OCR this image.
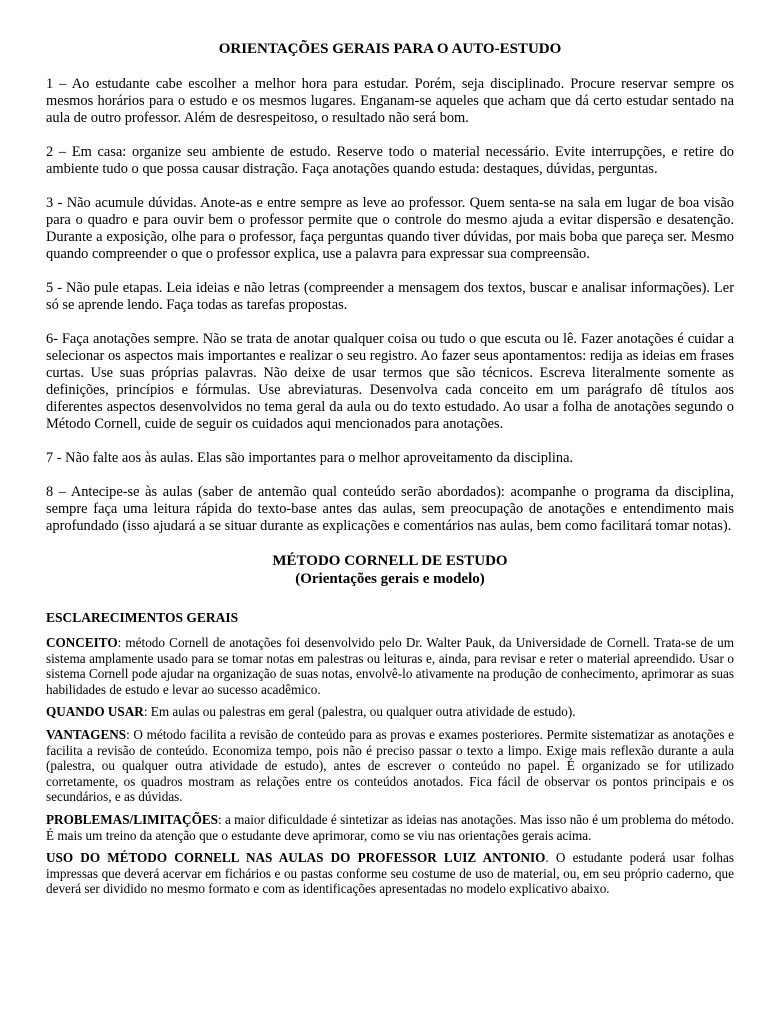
ORIENTAÇÕES GERAIS PARA O AUTO-ESTUDO

1 – Ao estudante cabe escolher a melhor hora para estudar. Porém, seja disciplinado. Procure reservar sempre os mesmos horários para o estudo e os mesmos lugares. Enganam-se aqueles que acham que dá certo estudar sentado na aula de outro professor. Além de desrespeitoso, o resultado não será bom.

2 – Em casa: organize seu ambiente de estudo. Reserve todo o material necessário. Evite interrupções, e retire do ambiente tudo o que possa causar distração. Faça anotações quando estuda: destaques, dúvidas, perguntas.

3 - Não acumule dúvidas. Anote-as e entre sempre as leve ao professor. Quem senta-se na sala em lugar de boa visão para o quadro e para ouvir bem o professor permite que o controle do mesmo ajuda a evitar dispersão e desatenção. Durante a exposição, olhe para o professor, faça perguntas quando tiver dúvidas, por mais boba que pareça ser. Mesmo quando compreender o que o professor explica, use a palavra para expressar sua compreensão.

5 - Não pule etapas. Leia ideias e não letras (compreender a mensagem dos textos, buscar e analisar informações). Ler só se aprende lendo. Faça todas as tarefas propostas.

6- Faça anotações sempre. Não se trata de anotar qualquer coisa ou tudo o que escuta ou lê. Fazer anotações é cuidar a selecionar os aspectos mais importantes e realizar o seu registro. Ao fazer seus apontamentos: redija as ideias em frases curtas. Use suas próprias palavras. Não deixe de usar termos que são técnicos. Escreva literalmente somente as definições, princípios e fórmulas. Use abreviaturas. Desenvolva cada conceito em um parágrafo dê títulos aos diferentes aspectos desenvolvidos no tema geral da aula ou do texto estudado. Ao usar a folha de anotações segundo o Método Cornell, cuide de seguir os cuidados aqui mencionados para anotações.

7 - Não falte aos às aulas. Elas são importantes para o melhor aproveitamento da disciplina.

8 – Antecipe-se às aulas (saber de antemão qual conteúdo serão abordados): acompanhe o programa da disciplina, sempre faça uma leitura rápida do texto-base antes das aulas, sem preocupação de anotações e entendimento mais aprofundado (isso ajudará a se situar durante as explicações e comentários nas aulas, bem como facilitará tomar notas).

MÉTODO CORNELL DE ESTUDO
(Orientações gerais e modelo)
ESCLARECIMENTOS GERAIS

CONCEITO: método Cornell de anotações foi desenvolvido pelo Dr. Walter Pauk, da Universidade de Cornell. Trata-se de um sistema amplamente usado para se tomar notas em palestras ou leituras e, ainda, para revisar e reter o material apreendido. Usar o sistema Cornell pode ajudar na organização de suas notas, envolvê-lo ativamente na produção de conhecimento, aprimorar as suas habilidades de estudo e levar ao sucesso acadêmico.

QUANDO USAR: Em aulas ou palestras em geral (palestra, ou qualquer outra atividade de estudo).

VANTAGENS: O método facilita a revisão de conteúdo para as provas e exames posteriores. Permite sistematizar as anotações e facilita a revisão de conteúdo. Economiza tempo, pois não é preciso passar o texto a limpo. Exige mais reflexão durante a aula (palestra, ou qualquer outra atividade de estudo), antes de escrever o conteúdo no papel. É organizado se for utilizado corretamente, os quadros mostram as relações entre os conteúdos anotados. Fica fácil de observar os pontos principais e os secundários, e as dúvidas.

PROBLEMAS/LIMITAÇÕES: a maior dificuldade é sintetizar as ideias nas anotações. Mas isso não é um problema do método. É mais um treino da atenção que o estudante deve aprimorar, como se viu nas orientações gerais acima.

USO DO MÉTODO CORNELL NAS AULAS DO PROFESSOR LUIZ ANTONIO. O estudante poderá usar folhas impressas que deverá acervar em fichários e ou pastas conforme seu costume de uso de material, ou, em seu próprio caderno, que deverá ser dividido no mesmo formato e com as identificações apresentadas no modelo explicativo abaixo.
